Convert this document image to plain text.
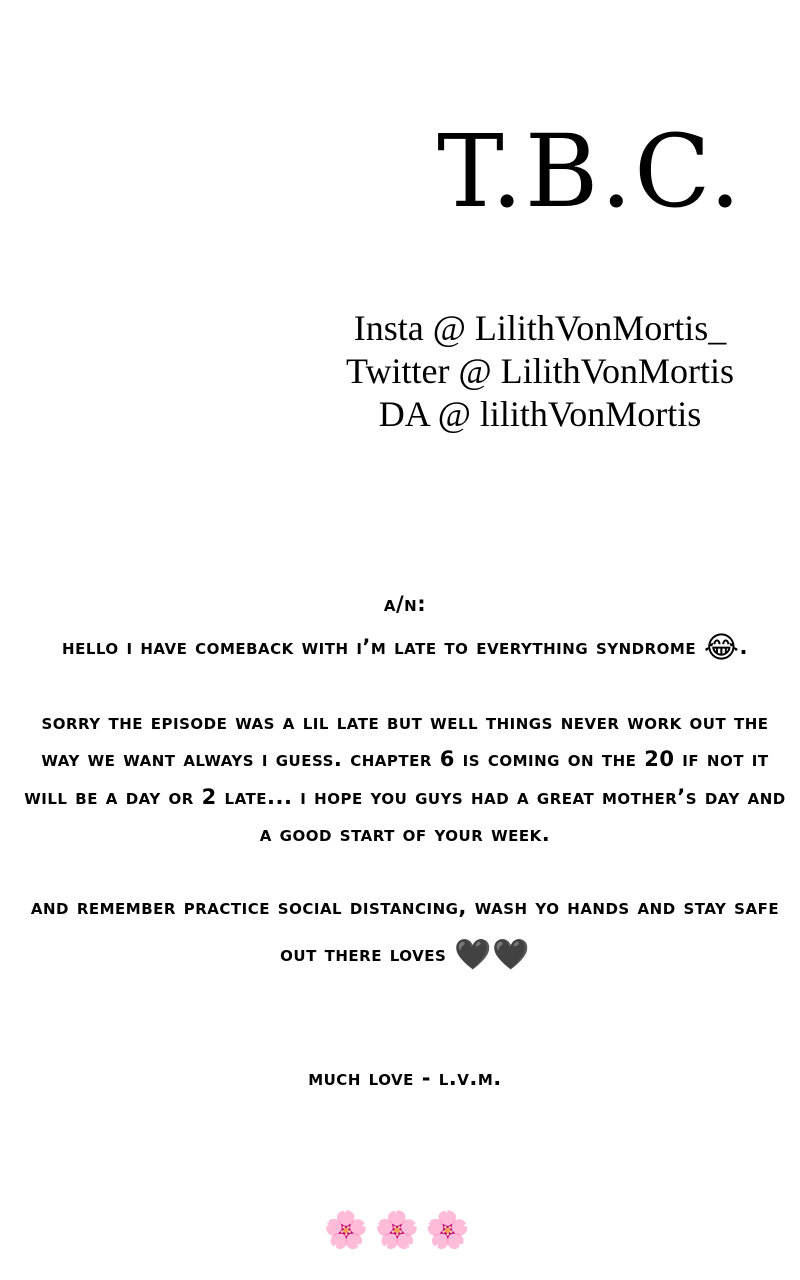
T.B.C.
Insta @ LilithVonMortis_
Twitter @ LilithVonMortis
DA @ lilithVonMortis

a/n:

hello i have comeback with i’m late to everything syndrome 😂.

sorry the episode was a lil late but well things never work out the way we want always i guess. chapter 6 is coming on the 20 if not it will be a day or 2 late... i hope you guys had a great mother’s day and a good start of your week.

and remember practice social distancing, wash yo hands and stay safe out there loves 🖤🖤

much love - l.v.m.

🌸🌸🌸
